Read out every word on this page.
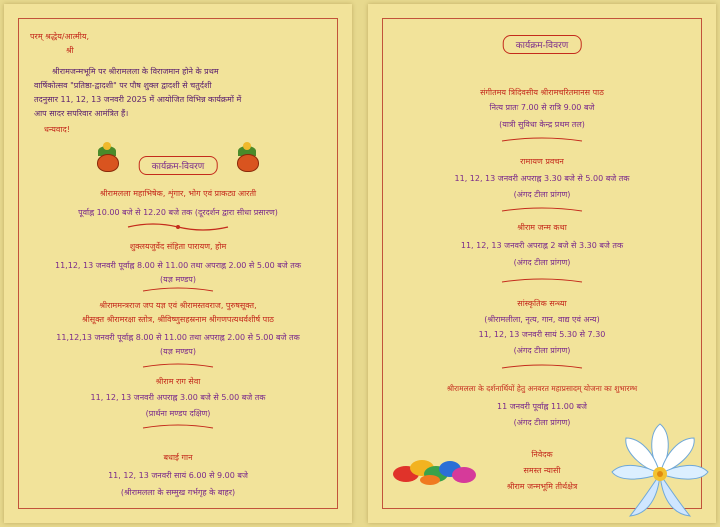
परम् श्रद्धेय/आत्मीय,
श्री
श्रीरामजन्मभूमि पर श्रीरामलला के विराजमान होने के प्रथम
वार्षिकोत्सव "प्रतिष्ठा-द्वादशी" पर पौष शुक्ल द्वादशी से चतुर्दशी
तदनुसार 11, 12, 13 जनवरी 2025 में आयोजित विभिन्न कार्यक्रमों में
आप सादर सपरिवार आमंत्रित हैं।
धन्यवाद!
कार्यक्रम-विवरण
श्रीरामलला महाभिषेक, शृंगार, भोग एवं प्राकट्य आरती
पूर्वाह्न 10.00 बजे से 12.20 बजे तक (दूरदर्शन द्वारा सीधा प्रसारण)
शुक्लयजुर्वेद संहिता पारायण, होम
11,12, 13 जनवरी पूर्वाह्न 8.00 से 11.00 तथा अपराह्न 2.00 से 5.00 बजे तक
(यज्ञ मण्डप)
श्रीराममन्त्रराज जप यज्ञ एवं श्रीरामस्तवराज, पुरुषसूक्त,
श्रीसूक्त श्रीरामरक्षा स्तोत्र, श्रीविष्णुसहस्रनाम श्रीगणपत्यथर्वशीर्ष पाठ
11,12,13 जनवरी पूर्वाह्न 8.00 से 11.00 तथा अपराह्न 2.00 से 5.00 बजे तक
(यज्ञ मण्डप)
श्रीराम राग सेवा
11, 12, 13 जनवरी अपराह्न 3.00 बजे से 5.00 बजे तक
(प्रार्थना मण्डप दक्षिण)
बधाई गान
11, 12, 13 जनवरी सायं 6.00 से 9.00 बजे
(श्रीरामलला के सम्मुख गर्भगृह के बाहर)
कार्यक्रम-विवरण
संगीतमय त्रिदिवसीय श्रीरामचरितमानस पाठ
नित्य प्रातः 7.00 से रात्रि 9.00 बजे
(यात्री सुविधा केन्द्र प्रथम तल)
रामायण प्रवचन
11, 12, 13 जनवरी अपराह्न 3.30 बजे से 5.00 बजे तक
(अंगद टीला प्रांगण)
श्रीराम जन्म कथा
11, 12, 13 जनवरी अपराह्न 2 बजे से 3.30 बजे तक
(अंगद टीला प्रांगण)
सांस्कृतिक सन्ध्या
(श्रीरामलीला, नृत्य, गान, वाद्य एवं अन्य)
11, 12, 13 जनवरी सायं 5.30 से 7.30
(अंगद टीला प्रांगण)
श्रीरामलला के दर्शनार्थियों हेतु अनवरत महाप्रसादम् योजना का शुभारम्भ
11 जनवरी पूर्वाह्न 11.00 बजे
(अंगद टीला प्रांगण)
निवेदक
समस्त न्यासी
श्रीराम जन्मभूमि तीर्थक्षेत्र
